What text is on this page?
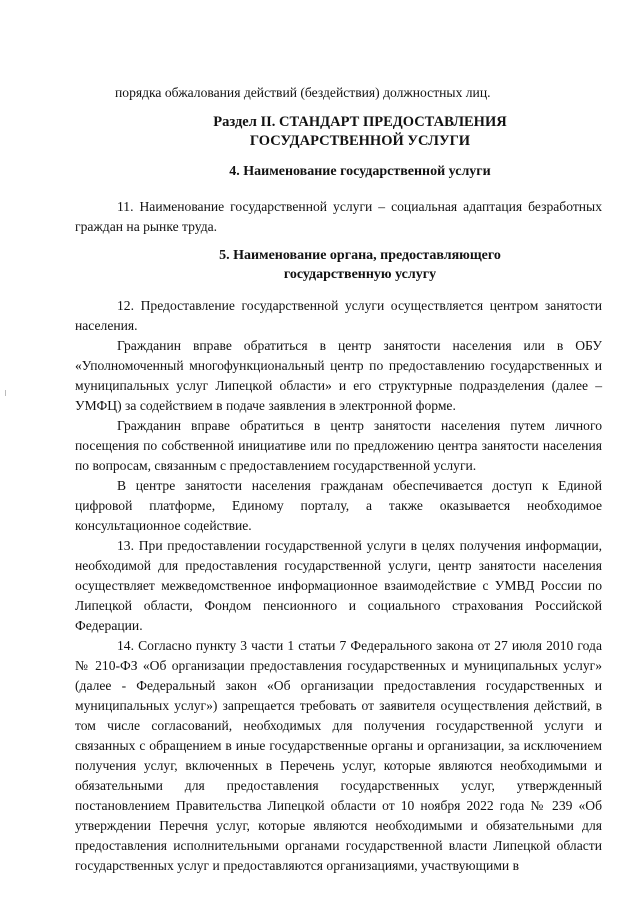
порядка обжалования действий (бездействия) должностных лиц.

Раздел II. СТАНДАРТ ПРЕДОСТАВЛЕНИЯ

ГОСУДАРСТВЕННОЙ УСЛУГИ

4. Наименование государственной услуги

11. Наименование государственной услуги – социальная адаптация безработных граждан на рынке труда.

5. Наименование органа, предоставляющего

государственную услугу

12. Предоставление государственной услуги осуществляется центром занятости населения.

Гражданин вправе обратиться в центр занятости населения или в ОБУ «Уполномоченный многофункциональный центр по предоставлению государственных и муниципальных услуг Липецкой области» и его структурные подразделения (далее – УМФЦ) за содействием в подаче заявления в электронной форме.

Гражданин вправе обратиться в центр занятости населения путем личного посещения по собственной инициативе или по предложению центра занятости населения по вопросам, связанным с предоставлением государственной услуги.

В центре занятости населения гражданам обеспечивается доступ к Единой цифровой платформе, Единому порталу, а также оказывается необходимое консультационное содействие.

13. При предоставлении государственной услуги в целях получения информации, необходимой для предоставления государственной услуги, центр занятости населения осуществляет межведомственное информационное взаимодействие с УМВД России по Липецкой области, Фондом пенсионного и социального страхования Российской Федерации.

14. Согласно пункту 3 части 1 статьи 7 Федерального закона от 27 июля 2010 года № 210-ФЗ «Об организации предоставления государственных и муниципальных услуг» (далее - Федеральный закон «Об организации предоставления государственных и муниципальных услуг») запрещается требовать от заявителя осуществления действий, в том числе согласований, необходимых для получения государственной услуги и связанных с обращением в иные государственные органы и организации, за исключением получения услуг, включенных в Перечень услуг, которые являются необходимыми и обязательными для предоставления государственных услуг, утвержденный постановлением Правительства Липецкой области от 10 ноября 2022 года № 239 «Об утверждении Перечня услуг, которые являются необходимыми и обязательными для предоставления исполнительными органами государственной власти Липецкой области государственных услуг и предоставляются организациями, участвующими в
